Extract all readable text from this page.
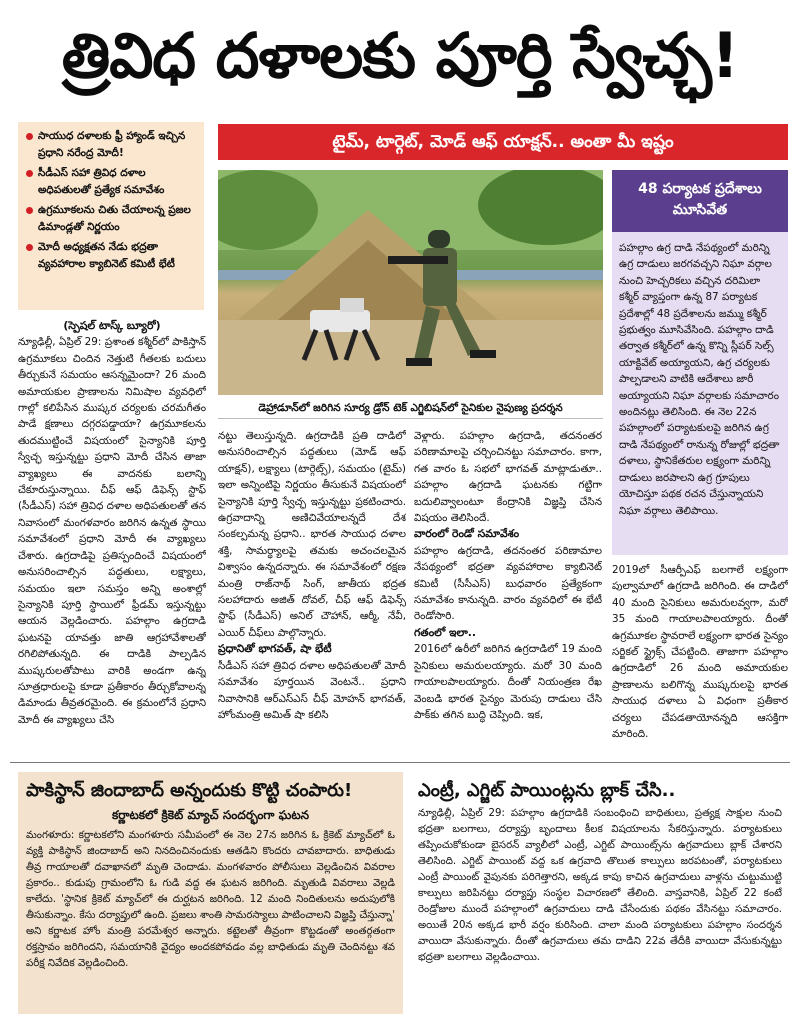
త్రివిధ దళాలకు పూర్తి స్వేచ్ఛ!
సాయుధ దళాలకు ఫ్రీ హ్యాండ్ ఇచ్చిన ప్రధాని నరేంద్ర మోదీ!
సీడీఎస్ సహా త్రివిధ దళాల అధిపతులతో ప్రత్యేక సమావేశం
ఉగ్రమూకలను చితు చేయాలన్న ప్రజల డిమాండ్లతో నిర్ణయం
మోదీ అధ్యక్షతన నేడు భద్రతా వ్యవహారాల క్యాబినెట్ కమిటీ భేటీ
టైమ్, టార్గెట్, మోడ్ ఆఫ్ యాక్షన్.. అంతా మీ ఇష్టం
డెహ్రాడూన్‌లో జరిగిన సూర్య డ్రోన్ టెక్ ఎగ్జిబిషన్‌లో సైనికుల నైపుణ్య ప్రదర్శన
48 పర్యాటక ప్రదేశాలు మూసివేత
పహల్గాం ఉగ్ర దాడి నేపథ్యంలో మరిన్ని ఉగ్ర దాడులు జరగవచ్చని నిఘా వర్గాల నుంచి హెచ్చరికలు వచ్చిన దరిమిలా కశ్మీర్ వ్యాప్తంగా ఉన్న 87 పర్యాటక ప్రదేశాల్లో 48 ప్రదేశాలను జమ్ము కశ్మీర్ ప్రభుత్వం మూసివేసింది. పహల్గాం దాడి తర్వాత కశ్మీర్‌లో ఉన్న కొన్ని స్లీపర్ సెల్స్ యాక్టివేట్ అయ్యాయని, ఉగ్ర చర్యలకు పాల్పడాలని వాటికి ఆదేశాలు జారీ అయ్యాయని నిఘా వర్గాలకు సమాచారం అందినట్లు తెలిసింది. ఈ నెల 22న పహల్గాంలో పర్యాటకులపై జరిగిన ఉగ్ర దాడి నేపథ్యంలో రానున్న రోజుల్లో భద్రతా దళాలు, స్థానికేతరుల లక్ష్యంగా మరిన్ని దాడులు జరపాలని ఉగ్ర గ్రూపులు యోచిస్తూ పథక రచన చేస్తున్నాయని నిఘా వర్గాలు తెలిపాయి.
(స్పెషల్ టాస్క్ బ్యూరో)

న్యూఢిల్లీ, ఏప్రిల్ 29: ప్రశాంత కశ్మీర్‌లో పాకిస్తాన్ ఉగ్రమూకలు చిందిన నెత్తుటి గీతలకు బదులు తీర్చుకునే సమయం ఆసన్నమైందా? 26 మంది అమాయకుల ప్రాణాలను నిమిషాల వ్యవధిలో గాల్లో కలిపేసిన ముష్కర చర్యలకు చరమగీతం పాడే క్షణాలు దగ్గరపడ్డాయా? ఉగ్రమూకలను తుదముట్టించే విషయంలో సైన్యానికి పూర్తి స్వేచ్ఛ ఇస్తున్నట్టు ప్రధాని మోదీ చేసిన తాజా వ్యాఖ్యలు ఈ వాదనకు బలాన్ని చేకూరుస్తున్నాయి. చీఫ్ ఆఫ్ డిఫెన్స్ స్టాఫ్ (సీడీఎస్) సహా త్రివిధ దళాల అధిపతులతో తన నివాసంలో మంగళవారం జరిగిన ఉన్నత స్థాయి సమావేశంలో ప్రధాని మోదీ ఈ వ్యాఖ్యలు చేశారు. ఉగ్రదాడిపై ప్రతిస్పందించే విషయంలో అనుసరించాల్సిన పద్ధతులు, లక్ష్యాలు, సమయం ఇలా సమస్తం అన్ని అంశాల్లో సైన్యానికి పూర్తి స్థాయిలో ఫ్రీడమ్ ఇస్తున్నట్టు ఆయన వెల్లడించారు. పహల్గాం ఉగ్రదాడి ఘటనపై యావత్తు జాతి ఆగ్రహావేశాలతో రగిలిపోతున్నది. ఈ దాడికి పాల్పడిన ముష్కరులతోపాటు వారికి అండగా ఉన్న సూత్రధారులపై కూడా ప్రతీకారం తీర్చుకోవాలన్న డిమాండు తీవ్రతరమైంది. ఈ క్రమంలోనే ప్రధాని మోదీ ఈ వ్యాఖ్యలు చేసి

నట్టు తెలుస్తున్నది. ఉగ్రదాడికి ప్రతి దాడిలో అనుసరించాల్సిన పద్ధతులు (మోడ్ ఆఫ్ యాక్షన్), లక్ష్యాలు (టార్గెట్స్), సమయం (టైమ్) ఇలా అన్నింటిపై నిర్ణయం తీసుకునే విషయంలో సైన్యానికి పూర్తి స్వేచ్ఛ ఇస్తున్నట్టు ప్రకటించారు. ఉగ్రవాదాన్ని అణిచివేయాలన్నదే దేశ సంకల్పమన్న ప్రధాని.. భారత సాయుధ దళాల శక్తి, సామర్థ్యాలపై తమకు అచంచలమైన విశ్వాసం ఉన్నదన్నారు. ఈ సమావేశంలో రక్షణ మంత్రి రాజ్‌నాథ్ సింగ్, జాతీయ భద్రత సలహాదారు అజిత్ దోవల్, చీఫ్ ఆఫ్ డిఫెన్స్ స్టాఫ్ (సీడీఎస్) అనిల్ చౌహాన్, ఆర్మీ, నేవీ, ఎయిర్ చీఫ్‌లు పాల్గొన్నారు.

ప్రధానితో భాగవత్, షా భేటీ

సీడీఎస్ సహా త్రివిధ దళాల అధిపతులతో మోదీ సమావేశం పూర్తయిన వెంటనే.. ప్రధాని నివాసానికి ఆర్ఎస్ఎస్ చీఫ్ మోహన్ భాగవత్, హోంమంత్రి అమిత్ షా కలిసి

వెళ్లారు. పహల్గాం ఉగ్రదాడి, తదనంతర పరిణామాలపై చర్చించినట్టు సమాచారం. కాగా, గత వారం ఓ సభలో భాగవత్ మాట్లాడుతూ.. పహల్గాం ఉగ్రదాడి ఘటనకు గట్టిగా బదులివ్వాలంటూ కేంద్రానికి విజ్ఞప్తి చేసిన విషయం తెలిసిందే.

వారంలో రెండో సమావేశం

పహల్గాం ఉగ్రదాడి, తదనంతర పరిణామాల నేపథ్యంలో భద్రతా వ్యవహారాల క్యాబినెట్ కమిటీ (సీసీఎస్) బుధవారం ప్రత్యేకంగా సమావేశం కానున్నది. వారం వ్యవధిలో ఈ భేటీ రెండోసారి.

గతంలో ఇలా..

2016లో ఉరీలో జరిగిన ఉగ్రదాడిలో 19 మంది సైనికులు అమరులయ్యారు. మరో 30 మంది గాయాలపాలయ్యారు. దీంతో నియంత్రణ రేఖ వెంబడి భారత సైన్యం మెరుపు దాడులు చేసి పాక్‌కు తగిన బుద్ధి చెప్పింది. ఇక,

2019లో సీఆర్పీఎఫ్ బలగాలే లక్ష్యంగా పుల్వామాలో ఉగ్రదాడి జరిగింది. ఈ దాడిలో 40 మంది సైనికులు అమరులవ్వగా, మరో 35 మంది గాయాలపాలయ్యారు. దీంతో ఉగ్రమూకల స్థావరాలే లక్ష్యంగా భారత సైన్యం సర్జికల్ స్ట్రైక్స్ చేపట్టింది. తాజాగా పహల్గాం ఉగ్రదాడిలో 26 మంది అమాయకుల ప్రాణాలను బలిగొన్న ముష్కరులపై భారత సాయుధ దళాలు ఏ విధంగా ప్రతీకార చర్యలు చేపడతాయోనన్నది ఆసక్తిగా మారింది.

పాకిస్థాన్ జిందాబాద్ అన్నందుకు కొట్టి చంపారు!
కర్ణాటకలో క్రికెట్ మ్యాచ్ సందర్భంగా ఘటన
మంగళూరు: కర్ణాటకలోని మంగళూరు సమీపంలో ఈ నెల 27న జరిగిన ఓ క్రికెట్ మ్యాచ్‌లో ఓ వ్యక్తి పాకిస్థాన్ జిందాబాద్ అని నినదించినందుకు ఆతడిని కొందరు చావబాదారు. బాధితుడు తీవ్ర గాయాలతో దవాఖానలో మృతి చెందాడు. మంగళవారం పోలీసులు వెల్లడించిన వివరాల ప్రకారం.. కుడుపు గ్రామంలోని ఓ గుడి వద్ద ఈ ఘటన జరిగింది. మృతుడి వివరాలు వెల్లడి కాలేదు. 'స్థానిక క్రికెట్ మ్యాచ్‌లో ఈ దుర్ఘటన జరిగింది. 12 మంది నిందితులను అదుపులోకి తీసుకున్నాం. కేసు దర్యాప్తులో ఉంది. ప్రజలు శాంతి సామరస్యాలు పాటించాలని విజ్ఞప్తి చేస్తున్నా' అని కర్ణాటక హోం మంత్రి పరమేశ్వర అన్నారు. కట్టెలతో తీవ్రంగా కొట్టడంతో అంతర్గతంగా రక్తస్రావం జరిగిందని, సమయానికి వైద్యం అందకపోవడం వల్ల బాధితుడు మృతి చెందినట్టు శవ పరీక్ష నివేదిక వెల్లడించింది.
ఎంట్రీ, ఎగ్జిట్ పాయింట్లను బ్లాక్ చేసి..
న్యూఢిల్లీ, ఏప్రిల్ 29: పహల్గాం ఉగ్రదాడికి సంబంధించి బాధితులు, ప్రత్యక్ష సాక్షుల నుంచి భద్రతా బలగాలు, దర్యాప్తు బృందాలు కీలక విషయాలను సేకరిస్తున్నారు. పర్యాటకులు తప్పించుకోకుండా బైసరన్ వ్యాలీలో ఎంట్రీ, ఎగ్జిట్ పాయింట్స్‌ను ఉగ్రవాదులు బ్లాక్ చేశారని తెలిసింది. ఎగ్జిట్ పాయింట్ వద్ద ఒక ఉగ్రవాది తొలుత కాల్పులు జరపటంతో, పర్యాటకులు ఎంట్రీ పాయింట్ వైపునకు పరిగెత్తారని, అక్కడ కాపు కాచిన ఉగ్రవాదులు వాళ్లను చుట్టుముట్టి కాల్పులు జరిపినట్టు దర్యాప్తు సంస్థల విచారణలో తేలింది. వాస్తవానికి, ఏప్రిల్ 22 కంటే రెండ్రోజుల ముందే పహల్గాంలో ఉగ్రవాదులు దాడి చేసేందుకు పథకం వేసినట్టు సమాచారం. అయితే 20న అక్కడ భారీ వర్షం కురిసింది. చాలా మంది పర్యాటకులు పహల్గాం సందర్శన వాయిదా వేసుకున్నారు. దీంతో ఉగ్రవాదులు తమ దాడిని 22వ తేదీకి వాయిదా వేసుకున్నట్టు భద్రతా బలగాలు వెల్లడించాయి.
